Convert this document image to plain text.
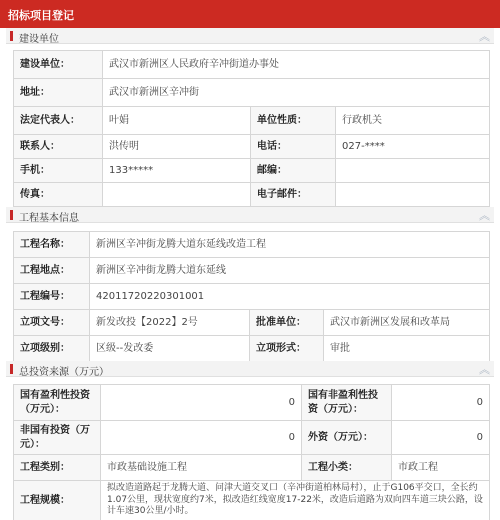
招标项目登记
建设单位	︽
建设单位：	武汉市新洲区人民政府辛冲街道办事处		
地址：	武汉市新洲区辛冲街		
法定代表人：	叶娟	单位性质：	行政机关
联系人：	洪传明	电话：	027-****
手机：	133*****	邮编：	
传真：		电子邮件：	
工程基本信息	︽
工程名称：	新洲区辛冲街龙腾大道东延线改造工程		
工程地点：	新洲区辛冲街龙腾大道东延线		
工程编号：	42011720220301001		
立项文号：	新发改投【2022】2号	批准单位：	武汉市新洲区发展和改革局
立项级别：	区级--发改委	立项形式：	审批
总投资来源（万元）	︽
国有盈利性投资（万元）：	0	国有非盈利性投资（万元）：	0
非国有投资（万元）：	0	外资（万元）：	0
工程类别：	市政基础设施工程	工程小类：	市政工程
工程规模：	拟改造道路起于龙腾大道、问津大道交叉口（辛冲街道柏林局村），止于G106平交口，全长约1.07公里，现状宽度约7米，拟改造红线宽度17-22米，改造后道路为双向四车道三块公路，设计车速30公里/小时。		
